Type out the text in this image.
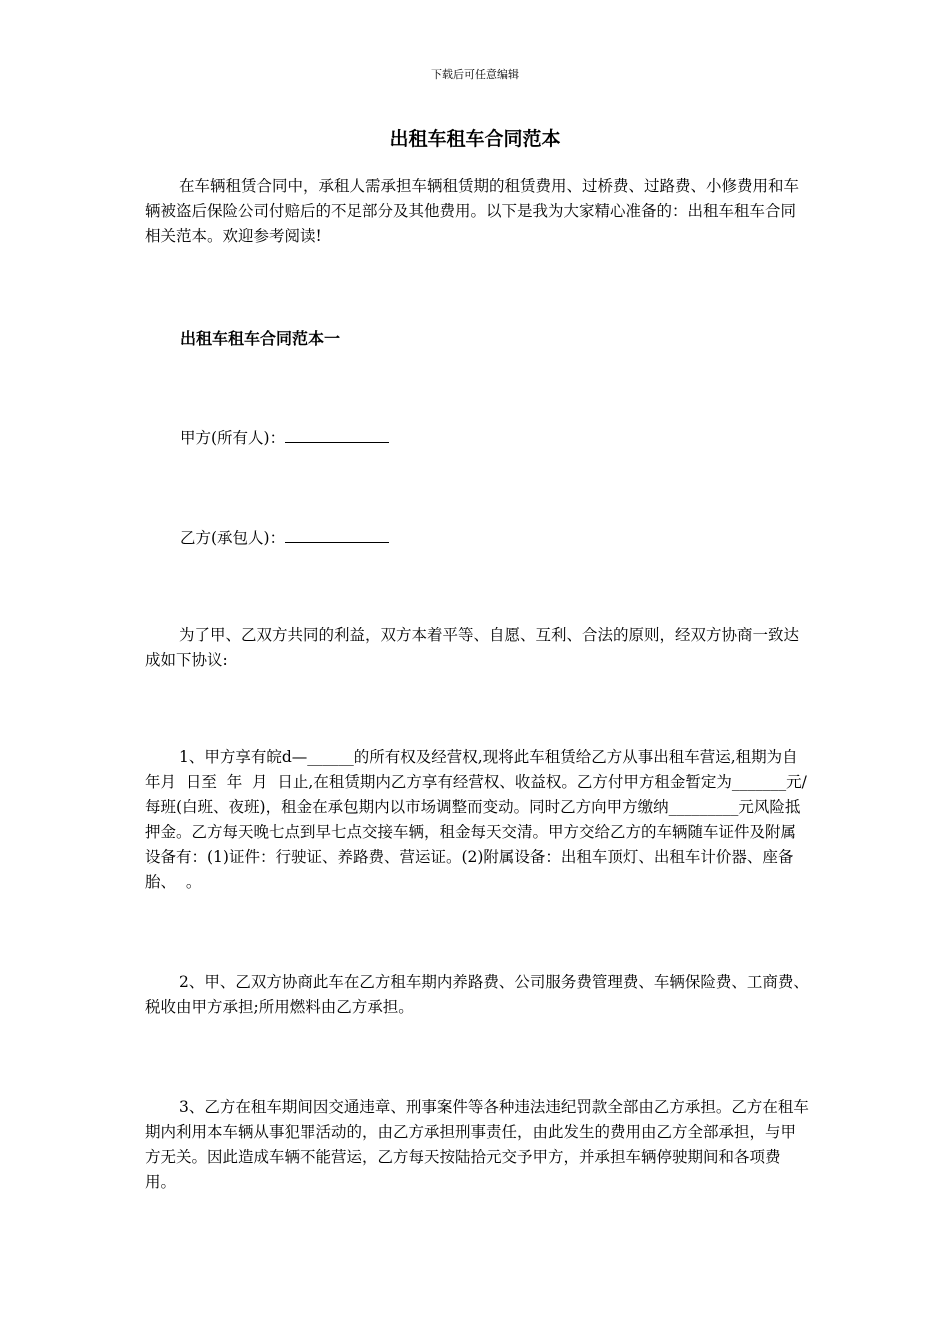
下载后可任意编辑
出租车租车合同范本

在车辆租赁合同中，承租人需承担车辆租赁期的租赁费用、过桥费、过路费、小修费用和车辆被盗后保险公司付赔后的不足部分及其他费用。以下是我为大家精心准备的：出租车租车合同相关范本。欢迎参考阅读!

出租车租车合同范本一
甲方(所有人)：
乙方(承包人)：

为了甲、乙双方共同的利益，双方本着平等、自愿、互利、合法的原则，经双方协商一致达成如下协议:

1、甲方享有皖d—______的所有权及经营权,现将此车租赁给乙方从事出租车营运,租期为自  年月  日至  年  月  日止,在租赁期内乙方享有经营权、收益权。乙方付甲方租金暂定为_______元/每班(白班、夜班)，租金在承包期内以市场调整而变动。同时乙方向甲方缴纳_________元风险抵押金。乙方每天晚七点到早七点交接车辆，租金每天交清。甲方交给乙方的车辆随车证件及附属设备有：(1)证件：行驶证、养路费、营运证。(2)附属设备：出租车顶灯、出租车计价器、座备胎、  。

2、甲、乙双方协商此车在乙方租车期内养路费、公司服务费管理费、车辆保险费、工商费、税收由甲方承担;所用燃料由乙方承担。

3、乙方在租车期间因交通违章、刑事案件等各种违法违纪罚款全部由乙方承担。乙方在租车期内利用本车辆从事犯罪活动的，由乙方承担刑事责任，由此发生的费用由乙方全部承担，与甲方无关。因此造成车辆不能营运，乙方每天按陆拾元交予甲方，并承担车辆停驶期间和各项费用。
